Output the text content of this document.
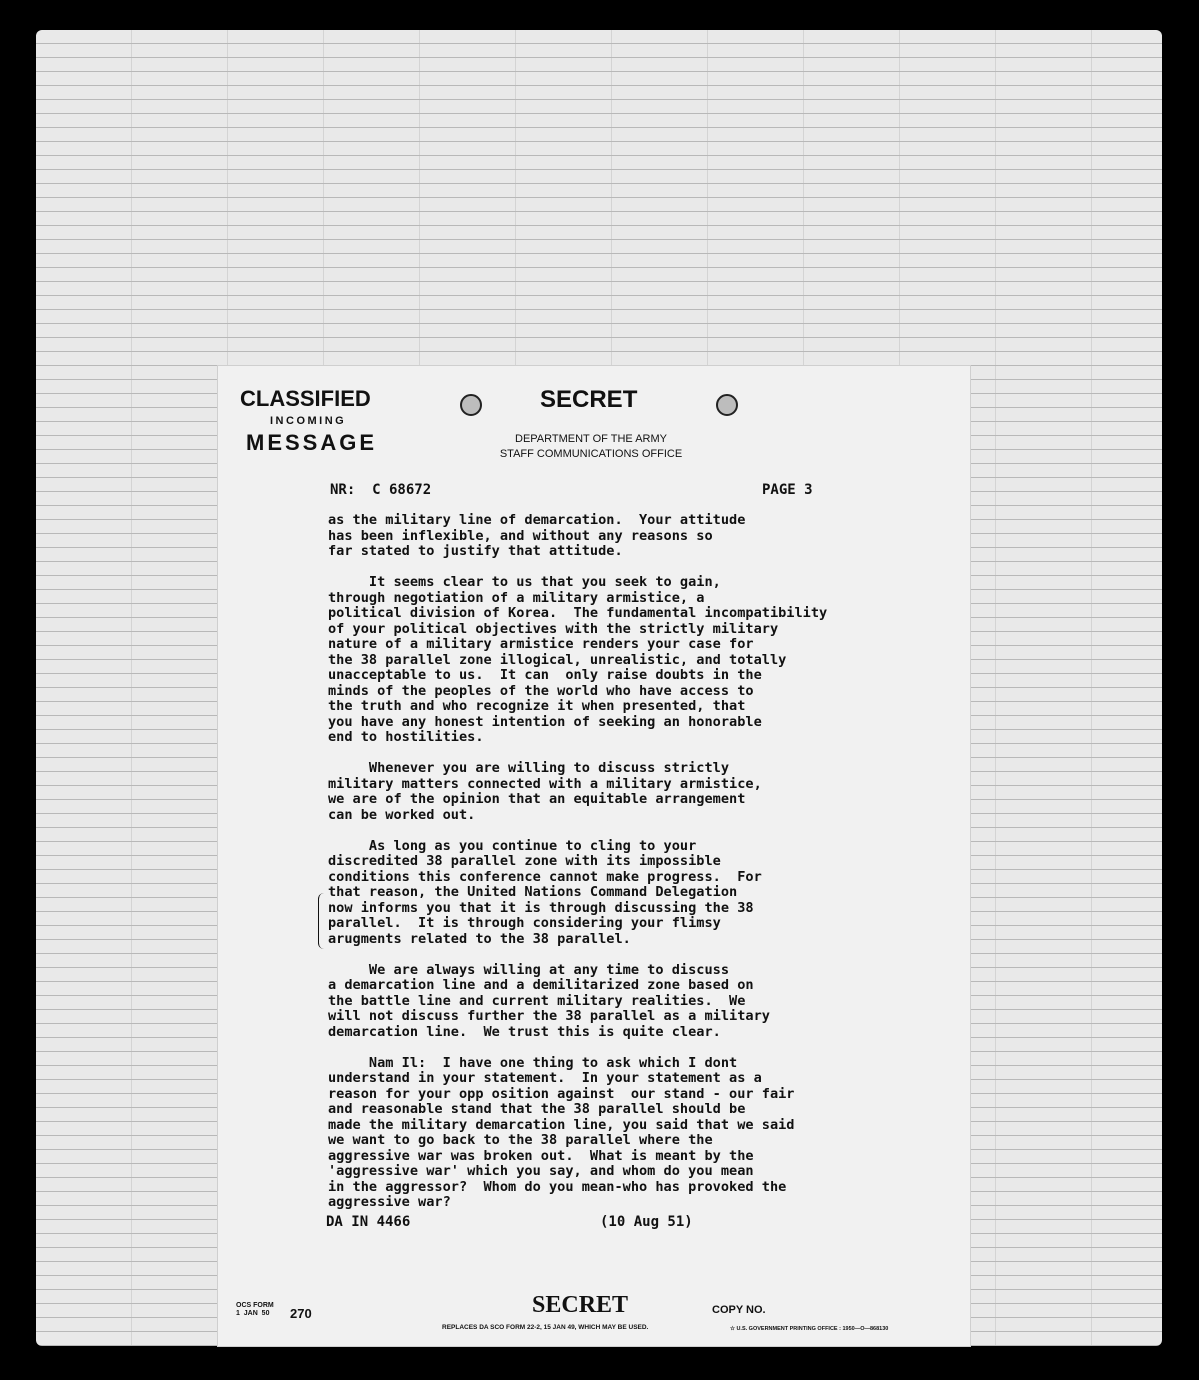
CLASSIFIED
INCOMING
MESSAGE
SECRET
DEPARTMENT OF THE ARMY
STAFF COMMUNICATIONS OFFICE
NR:  C 68672	PAGE 3

as the military line of demarcation.  Your attitude
has been inflexible, and without any reasons so
far stated to justify that attitude.

It seems clear to us that you seek to gain,
through negotiation of a military armistice, a
political division of Korea.  The fundamental incompatibility
of your political objectives with the strictly military
nature of a military armistice renders your case for
the 38 parallel zone illogical, unrealistic, and totally
unacceptable to us.  It can  only raise doubts in the
minds of the peoples of the world who have access to
the truth and who recognize it when presented, that
you have any honest intention of seeking an honorable
end to hostilities.

Whenever you are willing to discuss strictly
military matters connected with a military armistice,
we are of the opinion that an equitable arrangement
can be worked out.

As long as you continue to cling to your
discredited 38 parallel zone with its impossible
conditions this conference cannot make progress.  For
that reason, the United Nations Command Delegation
now informs you that it is through discussing the 38
parallel.  It is through considering your flimsy
arugments related to the 38 parallel.

We are always willing at any time to discuss
a demarcation line and a demilitarized zone based on
the battle line and current military realities.  We
will not discuss further the 38 parallel as a military
demarcation line.  We trust this is quite clear.

Nam Il:  I have one thing to ask which I dont
understand in your statement.  In your statement as a
reason for your opp osition against  our stand - our fair
and reasonable stand that the 38 parallel should be
made the military demarcation line, you said that we said
we want to go back to the 38 parallel where the
aggressive war was broken out.  What is meant by the
'aggressive war' which you say, and whom do you mean
in the aggressor?  Whom do you mean-who has provoked the
aggressive war?

DA IN 4466	(10 Aug 51)
OCS FORM
1  JAN  50	270	SECRET	COPY NO.
REPLACES DA SCO FORM 22-2, 15 JAN 49, WHICH MAY BE USED.	☆ U.S. GOVERNMENT PRINTING OFFICE : 1950—O—868130
